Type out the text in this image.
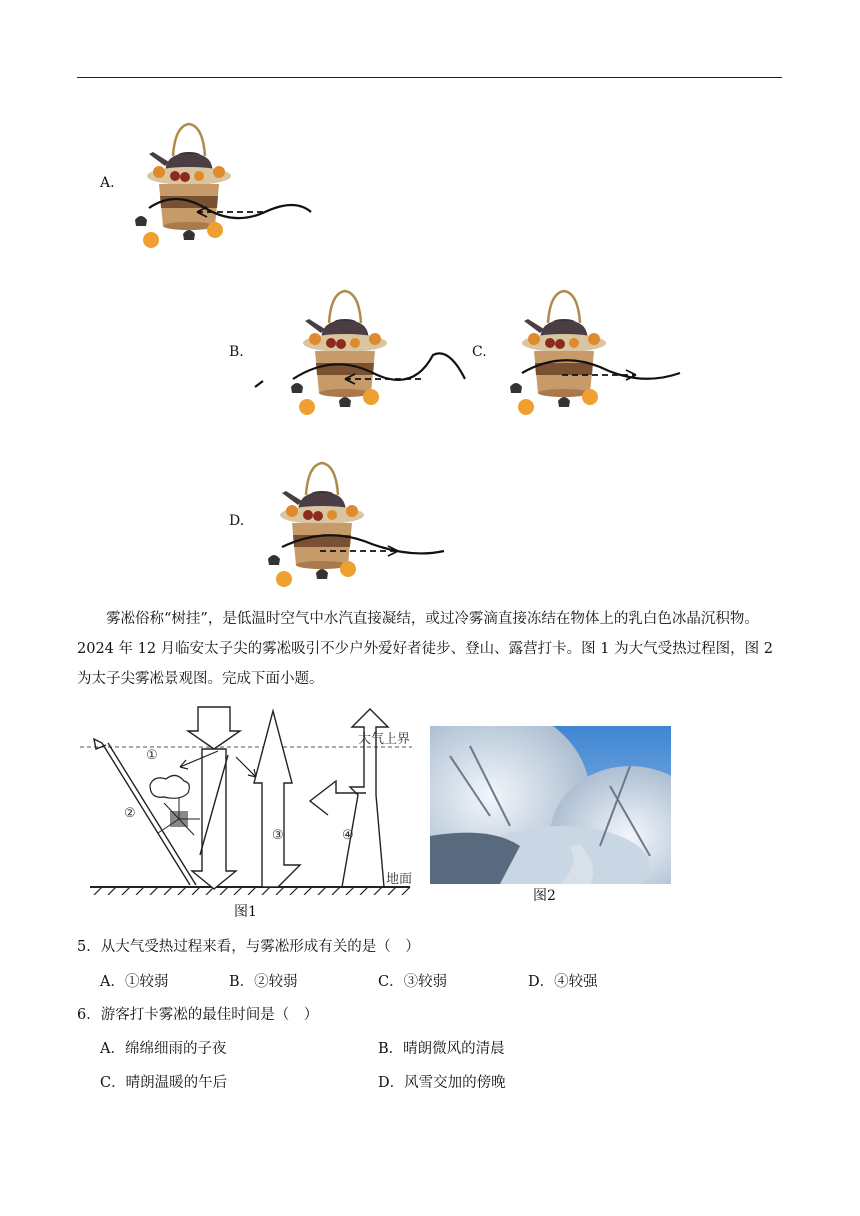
A.
B.	C.
D.
雾凇俗称“树挂”，是低温时空气中水汽直接凝结，或过冷雾滴直接冻结在物体上的乳白色冰晶沉积物。
2024 年 12 月临安太子尖的雾凇吸引不少户外爱好者徒步、登山、露营打卡。图 1 为大气受热过程图，图 2
为太子尖雾凇景观图。完成下面小题。
大气上界
地面
①
②
③	④
图1
图2
5．从大气受热过程来看，与雾凇形成有关的是（　）
A．①较弱	B．②较弱	C．③较弱	D．④较强
6．游客打卡雾凇的最佳时间是（　）
A．绵绵细雨的子夜	B．晴朗微风的清晨
C．晴朗温暖的午后	D．风雪交加的傍晚
